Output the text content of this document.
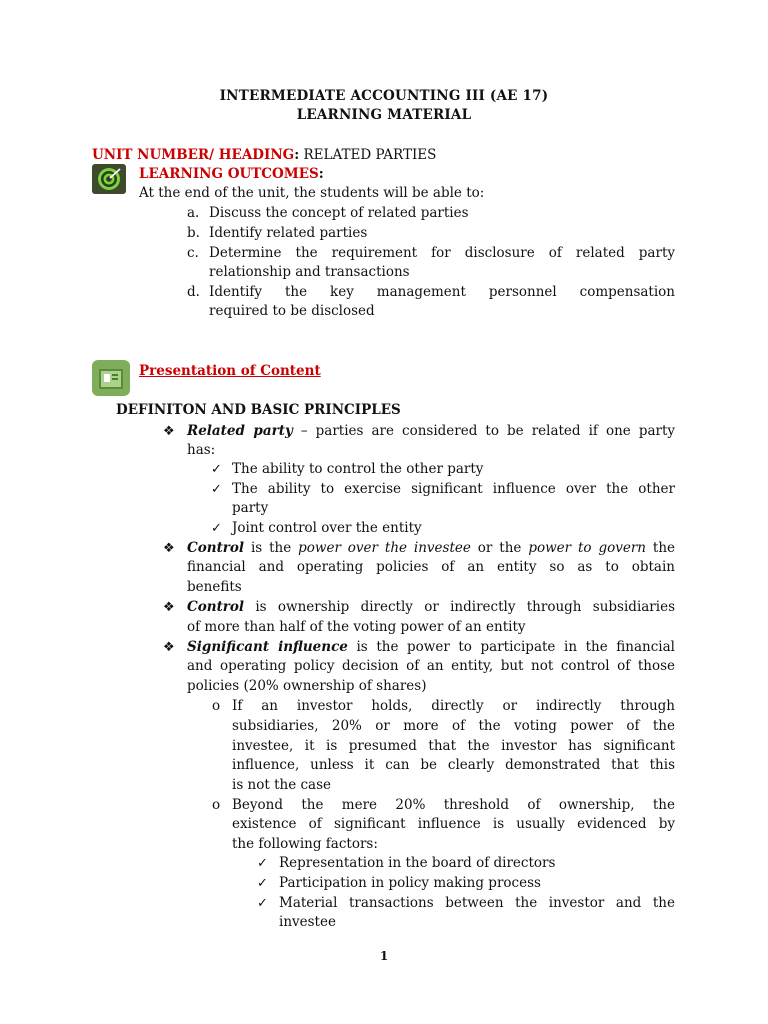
INTERMEDIATE ACCOUNTING III (AE 17)
LEARNING MATERIAL
UNIT NUMBER/ HEADING: RELATED PARTIES
LEARNING OUTCOMES:
At the end of the unit, the students will be able to:
a. Discuss the concept of related parties
b. Identify related parties
c. Determine the requirement for disclosure of related party
relationship and transactions
d. Identify the key management personnel compensation
required to be disclosed
Presentation of Content
DEFINITON AND BASIC PRINCIPLES
❖ Related party – parties are considered to be related if one party
has:
✓ The ability to control the other party
✓ The ability to exercise significant influence over the other
party
✓ Joint control over the entity
❖ Control is the power over the investee or the power to govern the
financial and operating policies of an entity so as to obtain
benefits
❖ Control is ownership directly or indirectly through subsidiaries
of more than half of the voting power of an entity
❖ Significant influence is the power to participate in the financial
and operating policy decision of an entity, but not control of those
policies (20% ownership of shares)
o If an investor holds, directly or indirectly through
subsidiaries, 20% or more of the voting power of the
investee, it is presumed that the investor has significant
influence, unless it can be clearly demonstrated that this
is not the case
o Beyond the mere 20% threshold of ownership, the
existence of significant influence is usually evidenced by
the following factors:
✓ Representation in the board of directors
✓ Participation in policy making process
✓ Material transactions between the investor and the
investee
1
